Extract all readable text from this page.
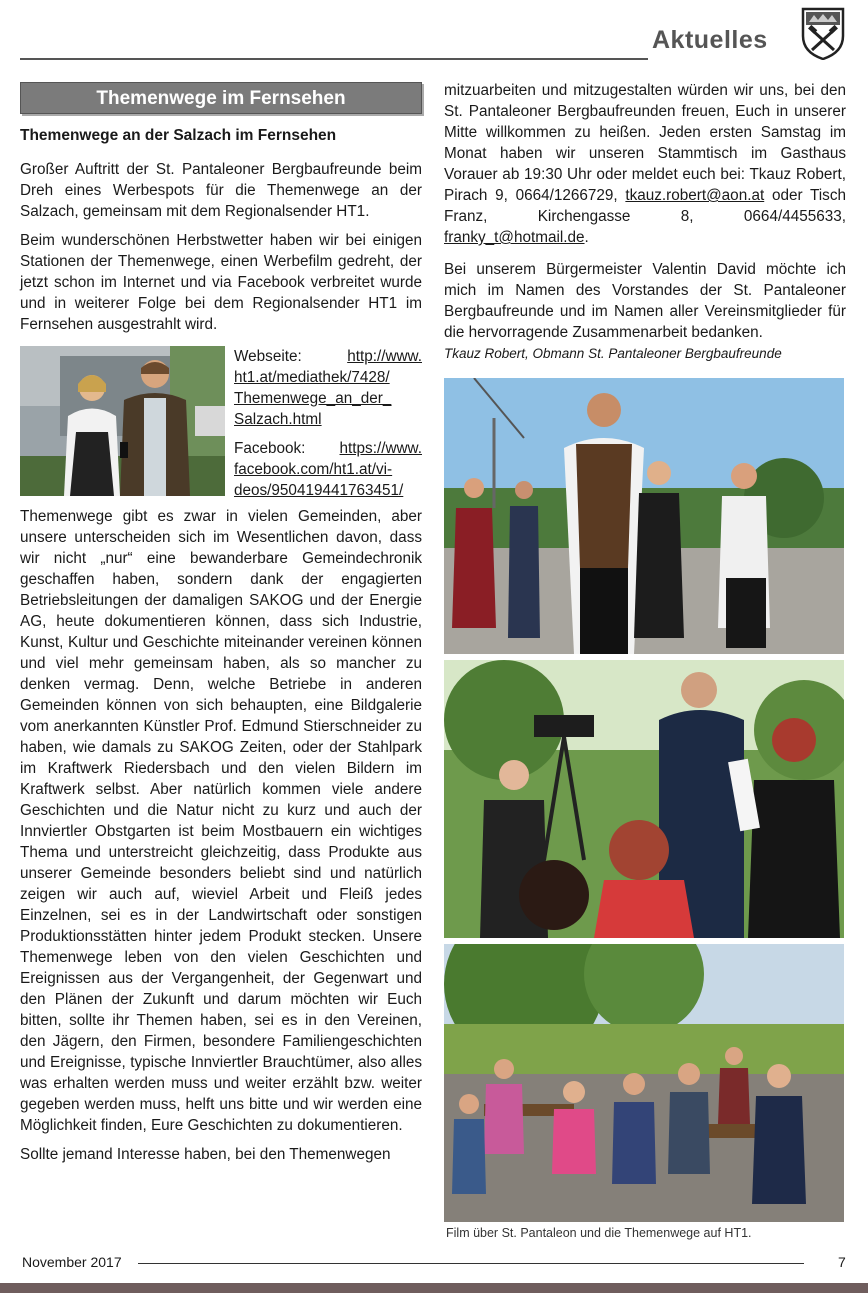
Aktuelles
Themenwege im Fernsehen
Themenwege an der Salzach im Fernsehen

Großer Auftritt der St. Pantaleoner Bergbaufreunde beim Dreh eines Werbespots für die Themenwege an der Salzach, gemeinsam mit dem Regionalsender HT1.

Beim wunderschönen Herbstwetter haben wir bei einigen Stationen der Themenwege, einen Werbefilm gedreht, der jetzt schon im Internet und via Facebook verbreitet wurde und in weiterer Folge bei dem Regionalsender HT1 im Fernsehen ausgestrahlt wird.

Webseite:	http://www.
ht1.at/mediathek/7428/
Themenwege_an_der_
Salzach.html
Facebook: https://www.
facebook.com/ht1.at/vi-
deos/950419441763451/

Themenwege gibt es zwar in vielen Gemeinden, aber unsere unterscheiden sich im Wesentlichen davon, dass wir nicht „nur“ eine bewanderbare Gemeindechronik geschaffen haben, sondern dank der engagierten Betriebsleitungen der damaligen SAKOG und der Energie AG, heute dokumentieren können, dass sich Industrie, Kunst, Kultur und Geschichte miteinander vereinen können und viel mehr gemeinsam haben, als so mancher zu denken vermag. Denn, welche Betriebe in anderen Gemeinden können von sich behaupten, eine Bildgalerie vom anerkannten Künstler Prof. Edmund Stierschneider zu haben, wie damals zu SAKOG Zeiten, oder der Stahlpark im Kraftwerk Riedersbach und den vielen Bildern im Kraftwerk selbst. Aber natürlich kommen viele andere Geschichten und die Natur nicht zu kurz und auch der Innviertler Obstgarten ist beim Mostbauern ein wichtiges Thema und unterstreicht gleichzeitig, dass Produkte aus unserer Gemeinde besonders beliebt sind und natürlich zeigen wir auch auf, wieviel Arbeit und Fleiß jedes Einzelnen, sei es in der Landwirtschaft oder sonstigen Produktionsstätten hinter jedem Produkt stecken. Unsere Themenwege leben von den vielen Geschichten und Ereignissen aus der Vergangenheit, der Gegenwart und den Plänen der Zukunft und darum möchten wir Euch bitten, sollte ihr Themen haben, sei es in den Vereinen, den Jägern, den Firmen, besondere Familiengeschichten und Ereignisse, typische Innviertler Brauchtümer, also alles was erhalten werden muss und weiter erzählt bzw. weiter gegeben werden muss, helft uns bitte und wir werden eine Möglichkeit finden, Eure Geschichten zu dokumentieren.

Sollte jemand Interesse haben, bei den Themenwegen

mitzuarbeiten und mitzugestalten würden wir uns, bei den St. Pantaleoner Bergbaufreunden freuen, Euch in unserer Mitte willkommen zu heißen. Jeden ersten Samstag im Monat haben wir unseren Stammtisch im Gasthaus Vorauer ab 19:30 Uhr oder meldet euch bei: Tkauz Robert, Pirach 9, 0664/1266729, tkauz.robert@aon.at oder Tisch Franz, Kirchengasse 8, 0664/4455633, franky_t@hotmail.de.

Bei unserem Bürgermeister Valentin David möchte ich mich im Namen des Vorstandes der St. Pantaleoner Bergbaufreunde und im Namen aller Vereinsmitglieder für die hervorragende Zusammenarbeit bedanken.

Tkauz Robert, Obmann St. Pantaleoner Bergbaufreunde
Film über St. Pantaleon und die Themenwege auf HT1.
November 2017	7
